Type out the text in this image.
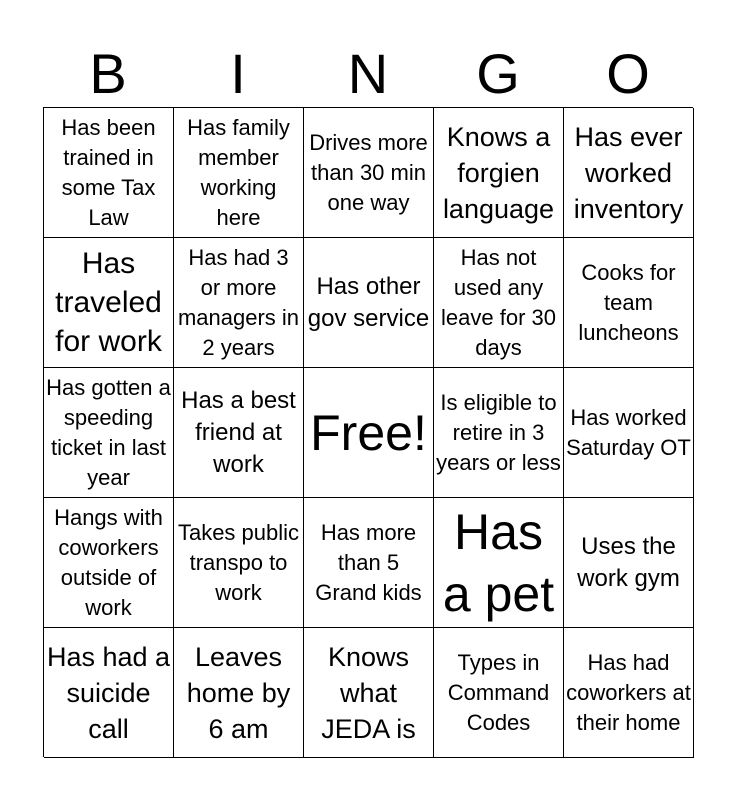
B	I	N	G	O
Has been trained in some Tax Law
Has family member working here
Drives more than 30 min one way
Knows a forgien language
Has ever worked inventory
Has traveled for work
Has had 3 or more managers in 2 years
Has other gov service
Has not used any leave for 30 days
Cooks for team luncheons
Has gotten a speeding ticket in last year
Has a best friend at work
Free!
Is eligible to retire in 3 years or less
Has worked Saturday OT
Hangs with coworkers outside of work
Takes public transpo to work
Has more than 5 Grand kids
Has a pet
Uses the work gym
Has had a suicide call
Leaves home by 6 am
Knows what JEDA is
Types in Command Codes
Has had coworkers at their home
